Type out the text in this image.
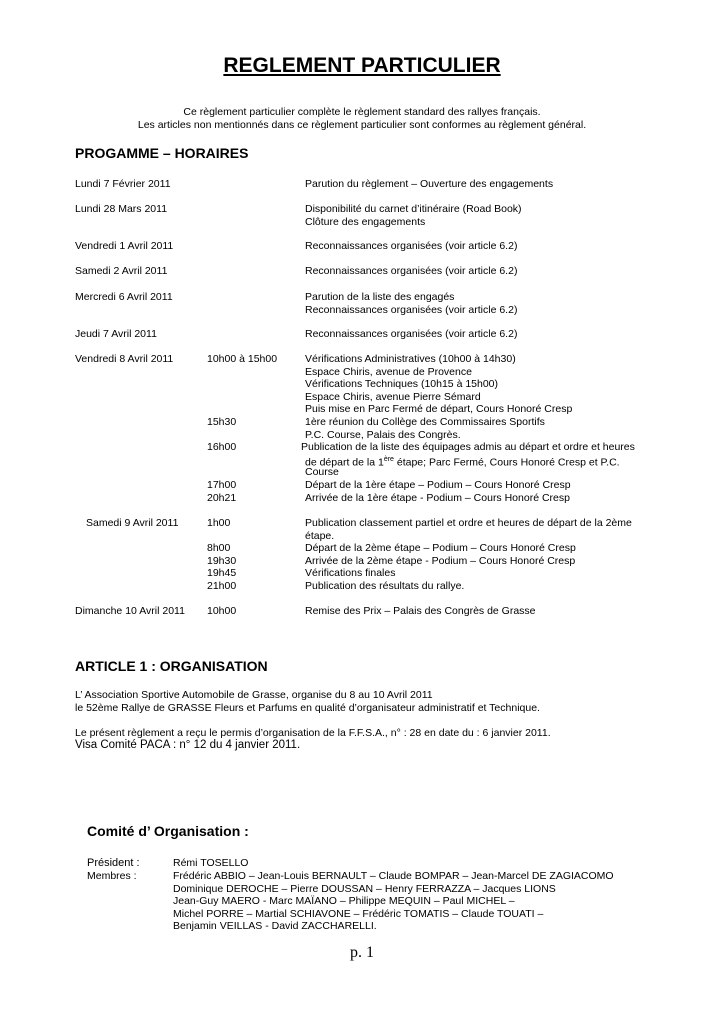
REGLEMENT PARTICULIER
Ce règlement particulier complète le règlement standard des rallyes français.
Les articles non mentionnés dans ce règlement particulier sont conformes au règlement général.
PROGAMME – HORAIRES
Lundi 7 Février 2011	Parution du règlement – Ouverture des engagements
Lundi 28 Mars 2011	Disponibilité du carnet d’itinéraire (Road Book)
Clôture des engagements
Vendredi 1 Avril 2011	Reconnaissances organisées (voir article 6.2)
Samedi 2 Avril 2011	Reconnaissances organisées (voir article 6.2)
Mercredi 6 Avril 2011	Parution de la liste des engagés
Reconnaissances organisées (voir article 6.2)
Jeudi 7 Avril 2011	Reconnaissances organisées (voir article 6.2)
Vendredi 8 Avril 2011	10h00 à 15h00	Vérifications Administratives (10h00 à 14h30)
Espace Chiris, avenue de Provence
Vérifications Techniques (10h15 à 15h00)
Espace Chiris, avenue Pierre Sémard
Puis mise en Parc Fermé de départ, Cours Honoré Cresp
15h30	1ère réunion du Collège des Commissaires Sportifs
P.C. Course, Palais des Congrès.
16h00	Publication de la liste des équipages admis au départ et ordre et heures
de départ de la 1ère étape; Parc Fermé, Cours Honoré Cresp et P.C.
Course
17h00	Départ de la 1ère étape – Podium – Cours Honoré Cresp
20h21	Arrivée de la 1ère étape - Podium – Cours Honoré Cresp
Samedi 9 Avril 2011	1h00	Publication classement partiel et ordre et heures de départ de la 2ème
étape.
8h00	Départ de la 2ème étape – Podium – Cours Honoré Cresp
19h30	Arrivée de la 2ème étape - Podium – Cours Honoré Cresp
19h45	Vérifications finales
21h00	Publication des résultats du rallye.
Dimanche 10 Avril 2011 10h00	Remise des Prix – Palais des Congrès de Grasse
ARTICLE 1 : ORGANISATION
L’ Association Sportive Automobile de Grasse, organise du 8 au 10 Avril 2011
le 52ème Rallye de GRASSE Fleurs et Parfums en qualité d’organisateur administratif et Technique.
Le présent règlement a reçu le permis d’organisation de la F.F.S.A., n° : 28 en date du : 6 janvier 2011.
Visa Comité PACA : n° 12 du 4 janvier 2011.
Comité d’ Organisation :
Président :	Rémi TOSELLO
Membres :	Frédéric ABBIO – Jean-Louis BERNAULT – Claude BOMPAR – Jean-Marcel DE ZAGIACOMO
Dominique DEROCHE – Pierre DOUSSAN – Henry FERRAZZA – Jacques LIONS
Jean-Guy MAERO - Marc MAÏANO – Philippe MEQUIN – Paul MICHEL –
Michel PORRE – Martial SCHIAVONE – Frédéric TOMATIS – Claude TOUATI –
Benjamin VEILLAS - David ZACCHARELLI.
p. 1
